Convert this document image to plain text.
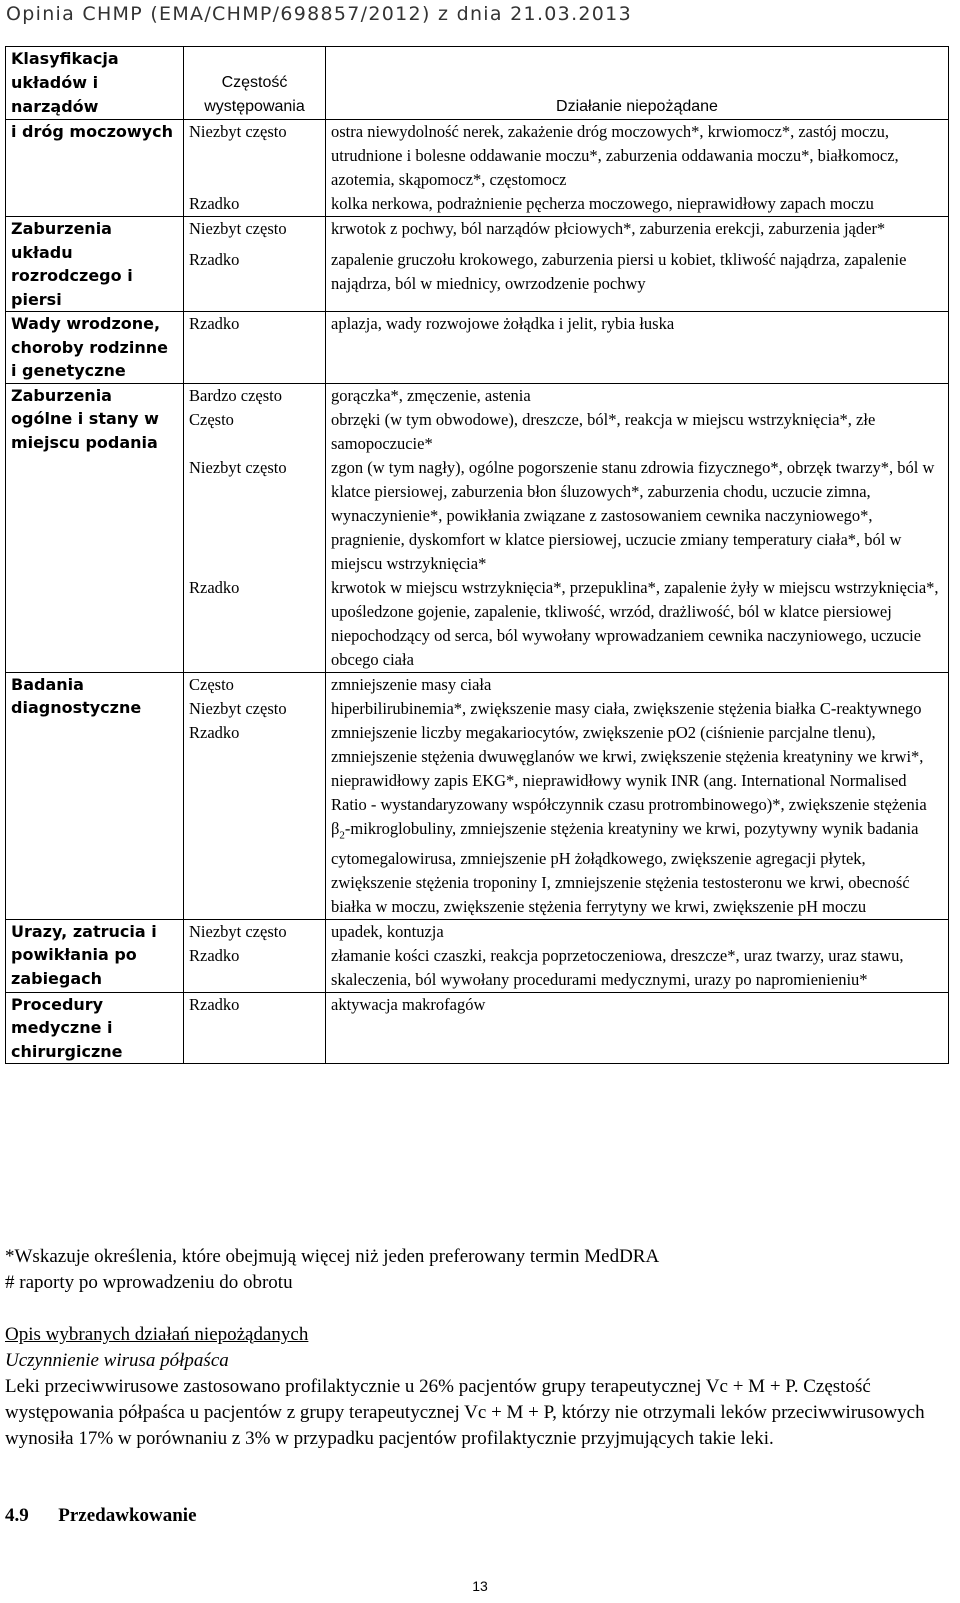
Opinia CHMP (EMA/CHMP/698857/2012) z dnia 21.03.2013
Klasyfikacja układów i narządów	Częstość występowania	Działanie niepożądane
i dróg moczowych	Niezbyt często	ostra niewydolność nerek, zakażenie dróg moczowych*, krwiomocz*, zastój moczu, utrudnione i bolesne oddawanie moczu*, zaburzenia oddawania moczu*, białkomocz, azotemia, skąpomocz*, częstomocz
	Rzadko	kolka nerkowa, podrażnienie pęcherza moczowego, nieprawidłowy zapach moczu
Zaburzenia układu rozrodczego i piersi	Niezbyt często	krwotok z pochwy, ból narządów płciowych*, zaburzenia erekcji, zaburzenia jąder*
	Rzadko	zapalenie gruczołu krokowego, zaburzenia piersi u kobiet, tkliwość najądrza, zapalenie najądrza, ból w miednicy, owrzodzenie pochwy
Wady wrodzone, choroby rodzinne i genetyczne	Rzadko	aplazja, wady rozwojowe żołądka i jelit, rybia łuska
Zaburzenia ogólne i stany w miejscu podania	Bardzo często	gorączka*, zmęczenie, astenia
	Często	obrzęki (w tym obwodowe), dreszcze, ból*, reakcja w miejscu wstrzyknięcia*, złe samopoczucie*
	Niezbyt często	zgon (w tym nagły), ogólne pogorszenie stanu zdrowia fizycznego*, obrzęk twarzy*, ból w klatce piersiowej, zaburzenia błon śluzowych*, zaburzenia chodu, uczucie zimna, wynaczynienie*, powikłania związane z zastosowaniem cewnika naczyniowego*, pragnienie, dyskomfort w klatce piersiowej, uczucie zmiany temperatury ciała*, ból w miejscu wstrzyknięcia*
	Rzadko	krwotok w miejscu wstrzyknięcia*, przepuklina*, zapalenie żyły w miejscu wstrzyknięcia*, upośledzone gojenie, zapalenie, tkliwość, wrzód, drażliwość, ból w klatce piersiowej niepochodzący od serca, ból wywołany wprowadzaniem cewnika naczyniowego, uczucie obcego ciała
Badania diagnostyczne	Często	zmniejszenie masy ciała
	Niezbyt często	hiperbilirubinemia*, zwiększenie masy ciała, zwiększenie stężenia białka C-reaktywnego
	Rzadko	zmniejszenie liczby megakariocytów, zwiększenie pO2 (ciśnienie parcjalne tlenu), zmniejszenie stężenia dwuwęglanów we krwi, zwiększenie stężenia kreatyniny we krwi*, nieprawidłowy zapis EKG*, nieprawidłowy wynik INR (ang. International Normalised Ratio - wystandaryzowany współczynnik czasu protrombinowego)*, zwiększenie stężenia $\beta_2$-mikroglobuliny, zmniejszenie stężenia kreatyniny we krwi, pozytywny wynik badania cytomegalowirusa, zmniejszenie pH żołądkowego, zwiększenie agregacji płytek, zwiększenie stężenia troponiny I, zmniejszenie stężenia testosteronu we krwi, obecność białka w moczu, zwiększenie stężenia ferrytyny we krwi, zwiększenie pH moczu
Urazy, zatrucia i powikłania po zabiegach	Niezbyt często	upadek, kontuzja
	Rzadko	złamanie kości czaszki, reakcja poprzetoczeniowa, dreszcze*, uraz twarzy, uraz stawu, skaleczenia, ból wywołany procedurami medycznymi, urazy po napromienieniu*
Procedury medyczne i chirurgiczne	Rzadko	aktywacja makrofagów
*Wskazuje określenia, które obejmują więcej niż jeden preferowany termin MedDRA
# raporty po wprowadzeniu do obrotu
Opis wybranych działań niepożądanych
Uczynnienie wirusa półpaśca
Leki przeciwwirusowe zastosowano profilaktycznie u 26% pacjentów grupy terapeutycznej Vc + M + P. Częstość występowania półpaśca u pacjentów z grupy terapeutycznej Vc + M + P, którzy nie otrzymali leków przeciwwirusowych wynosiła 17% w porównaniu z 3% w przypadku pacjentów profilaktycznie przyjmujących takie leki.
4.9 Przedawkowanie
13
